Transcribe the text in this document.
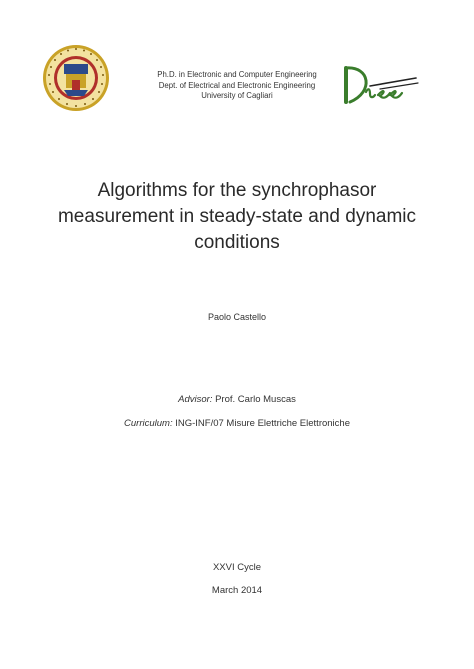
Ph.D. in Electronic and Computer Engineering
Dept. of Electrical and Electronic Engineering
University of Cagliari
Algorithms for the synchrophasor
measurement in steady-state and dynamic
conditions
Paolo Castello
Advisor: Prof. Carlo Muscas
Curriculum: ING-INF/07 Misure Elettriche Elettroniche
XXVI Cycle
March 2014
